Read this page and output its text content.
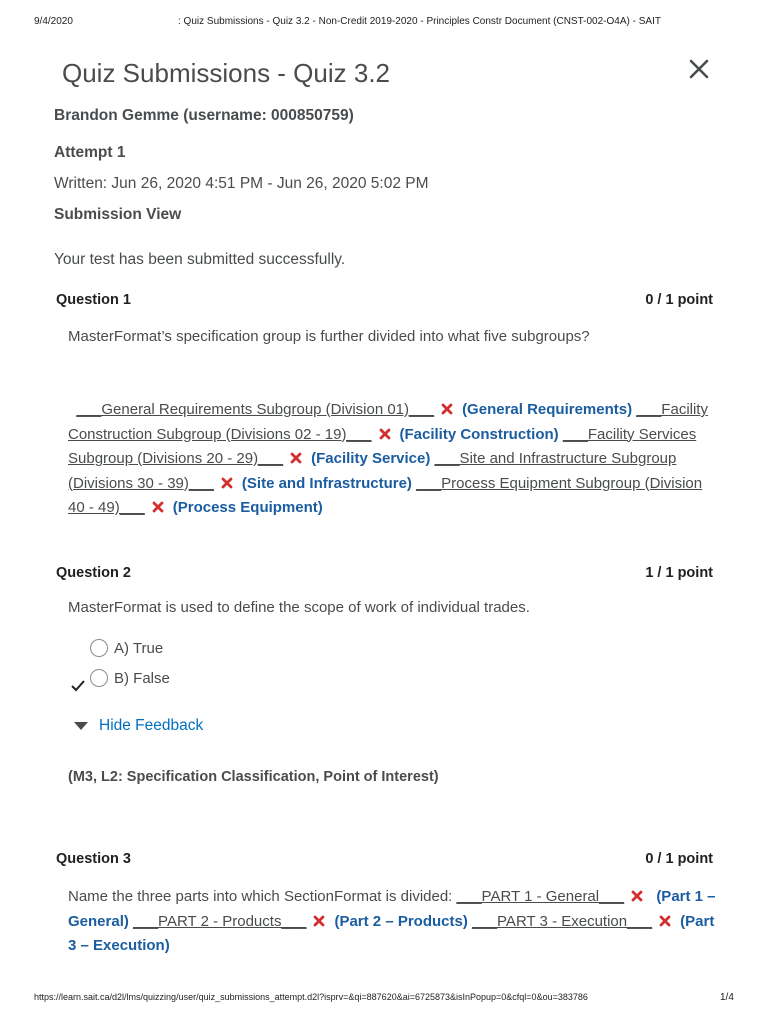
9/4/2020	: Quiz Submissions - Quiz 3.2 - Non-Credit 2019-2020 - Principles Constr Document (CNST-002-O4A) - SAIT
Quiz Submissions - Quiz 3.2
Brandon Gemme (username: 000850759)
Attempt 1
Written: Jun 26, 2020 4:51 PM - Jun 26, 2020 5:02 PM
Submission View
Your test has been submitted successfully.
Question 1	0 / 1 point
MasterFormat’s specification group is further divided into what five subgroups?
___General Requirements Subgroup (Division 01)___ (General Requirements) ___Facility Construction Subgroup (Divisions 02 - 19)___ (Facility Construction) ___Facility Services Subgroup (Divisions 20 - 29)___ (Facility Service) ___Site and Infrastructure Subgroup (Divisions 30 - 39)___ (Site and Infrastructure) ___Process Equipment Subgroup (Division 40 - 49)___ (Process Equipment)
Question 2	1 / 1 point
MasterFormat is used to define the scope of work of individual trades.
A) True
B) False
Hide Feedback
(M3, L2: Specification Classification, Point of Interest)
Question 3	0 / 1 point
Name the three parts into which SectionFormat is divided: ___PART 1 - General___ (Part 1 – General) ___PART 2 - Products___ (Part 2 – Products) ___PART 3 - Execution___ (Part 3 – Execution)
https://learn.sait.ca/d2l/lms/quizzing/user/quiz_submissions_attempt.d2l?isprv=&qi=887620&ai=6725873&isInPopup=0&cfql=0&ou=383786	1/4
